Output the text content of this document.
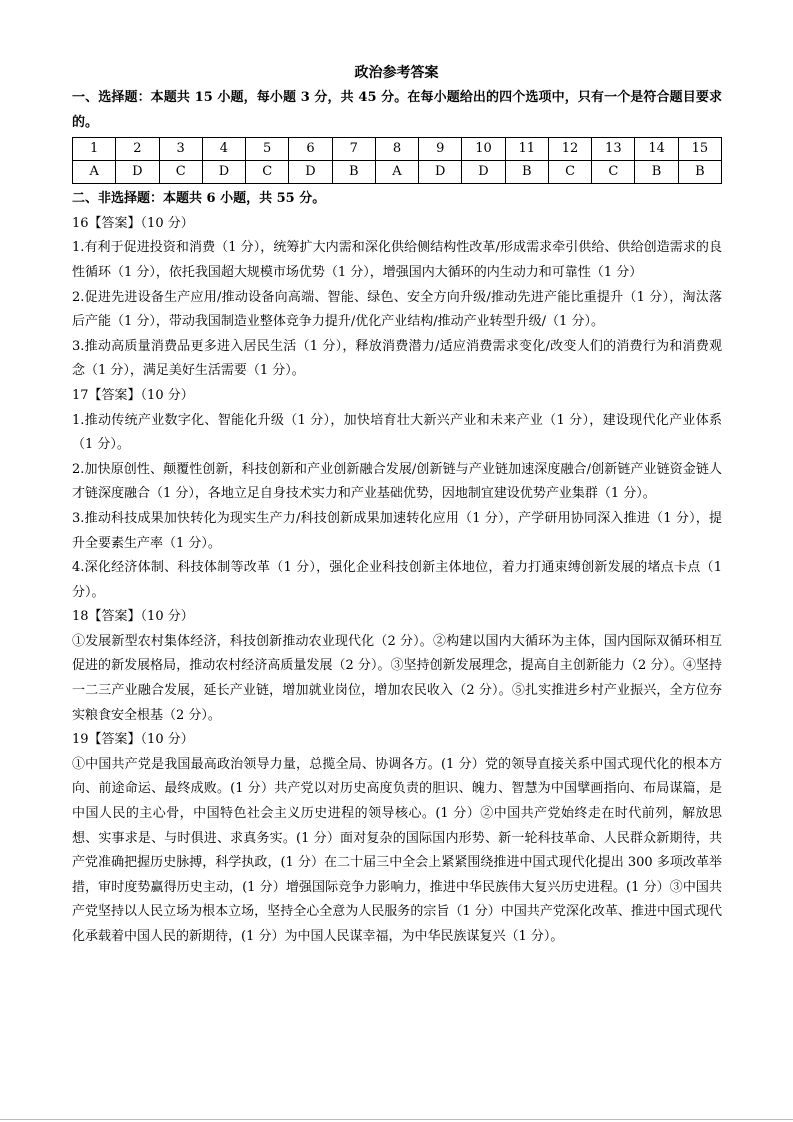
政治参考答案

一、选择题：本题共 15 小题，每小题 3 分，共 45 分。在每小题给出的四个选项中，只有一个是符合题目要求的。

1	2	3	4	5	6	7	8	9	10	11	12	13	14	15
A	D	C	D	C	D	B	A	D	D	B	C	C	B	B

二、非选择题：本题共 6 小题，共 55 分。

16【答案】（10 分）

1.有利于促进投资和消费（1 分），统筹扩大内需和深化供给侧结构性改革/形成需求牵引供给、供给创造需求的良性循环（1 分），依托我国超大规模市场优势（1 分），增强国内大循环的内生动力和可靠性（1 分）

2.促进先进设备生产应用/推动设备向高端、智能、绿色、安全方向升级/推动先进产能比重提升（1 分），淘汰落后产能（1 分），带动我国制造业整体竞争力提升/优化产业结构/推动产业转型升级/（1 分）。

3.推动高质量消费品更多进入居民生活（1 分），释放消费潜力/适应消费需求变化/改变人们的消费行为和消费观念（1 分），满足美好生活需要（1 分）。

17【答案】（10 分）

1.推动传统产业数字化、智能化升级（1 分），加快培育壮大新兴产业和未来产业（1 分），建设现代化产业体系（1 分）。

2.加快原创性、颠覆性创新，科技创新和产业创新融合发展/创新链与产业链加速深度融合/创新链产业链资金链人才链深度融合（1 分），各地立足自身技术实力和产业基础优势，因地制宜建设优势产业集群（1 分）。

3.推动科技成果加快转化为现实生产力/科技创新成果加速转化应用（1 分），产学研用协同深入推进（1 分），提升全要素生产率（1 分）。

4.深化经济体制、科技体制等改革（1 分），强化企业科技创新主体地位，着力打通束缚创新发展的堵点卡点（1 分）。

18【答案】（10 分）

①发展新型农村集体经济，科技创新推动农业现代化（2 分）。②构建以国内大循环为主体，国内国际双循环相互促进的新发展格局，推动农村经济高质量发展（2 分）。③坚持创新发展理念，提高自主创新能力（2 分）。④坚持一二三产业融合发展，延长产业链，增加就业岗位，增加农民收入（2 分）。⑤扎实推进乡村产业振兴，全方位夯实粮食安全根基（2 分）。

19【答案】（10 分）

①中国共产党是我国最高政治领导力量，总揽全局、协调各方。(1 分）党的领导直接关系中国式现代化的根本方向、前途命运、最终成败。(1 分）共产党以对历史高度负责的胆识、魄力、智慧为中国擘画指向、布局谋篇，是中国人民的主心骨，中国特色社会主义历史进程的领导核心。(1 分）②中国共产党始终走在时代前列，解放思想、实事求是、与时俱进、求真务实。(1 分）面对复杂的国际国内形势、新一轮科技革命、人民群众新期待，共产党准确把握历史脉搏，科学执政，(1 分）在二十届三中全会上紧紧围绕推进中国式现代化提出 300 多项改革举措，审时度势赢得历史主动，(1 分）增强国际竞争力影响力，推进中华民族伟大复兴历史进程。(1 分）③中国共产党坚持以人民立场为根本立场，坚持全心全意为人民服务的宗旨（1 分）中国共产党深化改革、推进中国式现代化承载着中国人民的新期待，(1 分）为中国人民谋幸福，为中华民族谋复兴（1 分）。
